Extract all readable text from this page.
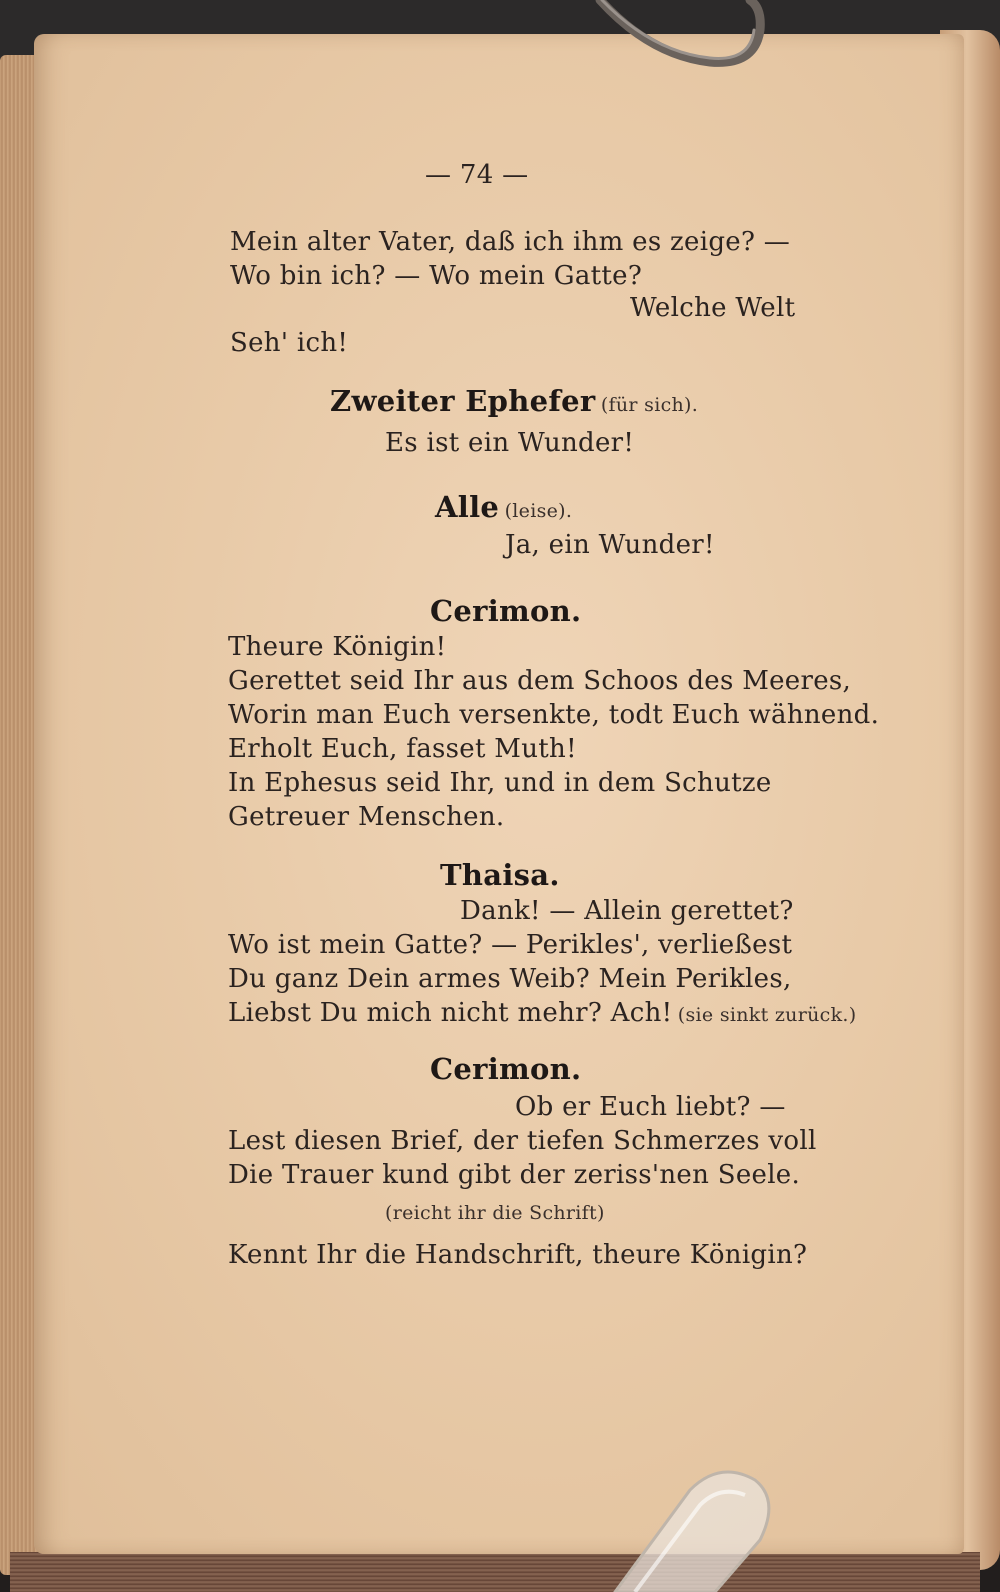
— 74 —
Mein alter Vater, daß ich ihm es zeige? —
Wo bin ich? — Wo mein Gatte?
Welche Welt
Seh' ich!
Zweiter Ephefer (für sich).
Es ist ein Wunder!
Alle (leise).
Ja, ein Wunder!
Cerimon.
Theure Königin!
Gerettet seid Ihr aus dem Schoos des Meeres,
Worin man Euch versenkte, todt Euch wähnend.
Erholt Euch, fasset Muth!
In Ephesus seid Ihr, und in dem Schutze
Getreuer Menschen.
Thaisa.
Dank! — Allein gerettet?
Wo ist mein Gatte? — Perikles', verließest
Du ganz Dein armes Weib? Mein Perikles,
Liebst Du mich nicht mehr? Ach! (sie sinkt zurück.)
Cerimon.
Ob er Euch liebt? —
Lest diesen Brief, der tiefen Schmerzes voll
Die Trauer kund gibt der zeriss'nen Seele.
(reicht ihr die Schrift)
Kennt Ihr die Handschrift, theure Königin?
